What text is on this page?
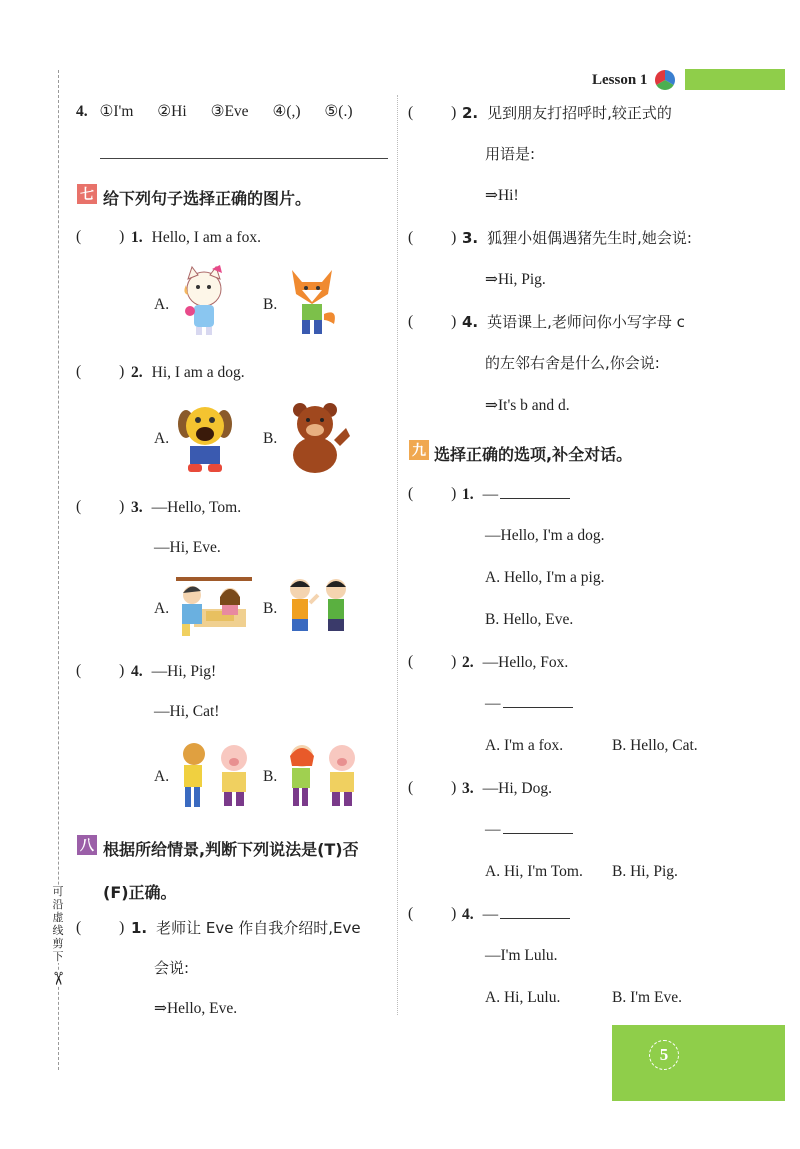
可
沿
虚
线
剪
下
✂
Lesson 1
4. ①I'm ②Hi ③Eve ④(,) ⑤(.)
七 给下列句子选择正确的图片。
( ) 1. Hello, I am a fox.
A.	B.
( ) 2. Hi, I am a dog.
A.	B.
( ) 3. —Hello, Tom.
—Hi, Eve.
A.	B.
( ) 4. —Hi, Pig!
—Hi, Cat!
A.	B.
八 根据所给情景,判断下列说法是(T)否
(F)正确。
( ) 1. 老师让 Eve 作自我介绍时,Eve
会说:
⇒Hello, Eve.
( ) 2. 见到朋友打招呼时,较正式的
用语是:
⇒Hi!
( ) 3. 狐狸小姐偶遇猪先生时,她会说:
⇒Hi, Pig.
( ) 4. 英语课上,老师问你小写字母 c
的左邻右舍是什么,你会说:
⇒It's b and d.
九 选择正确的选项,补全对话。
( ) 1. —
—Hello, I'm a dog.
A. Hello, I'm a pig.
B. Hello, Eve.
( ) 2. —Hello, Fox.
—
A. I'm a fox.	B. Hello, Cat.
( ) 3. —Hi, Dog.
—
A. Hi, I'm Tom. B. Hi, Pig.
( ) 4. —
—I'm Lulu.
A. Hi, Lulu.	B. I'm Eve.
5
